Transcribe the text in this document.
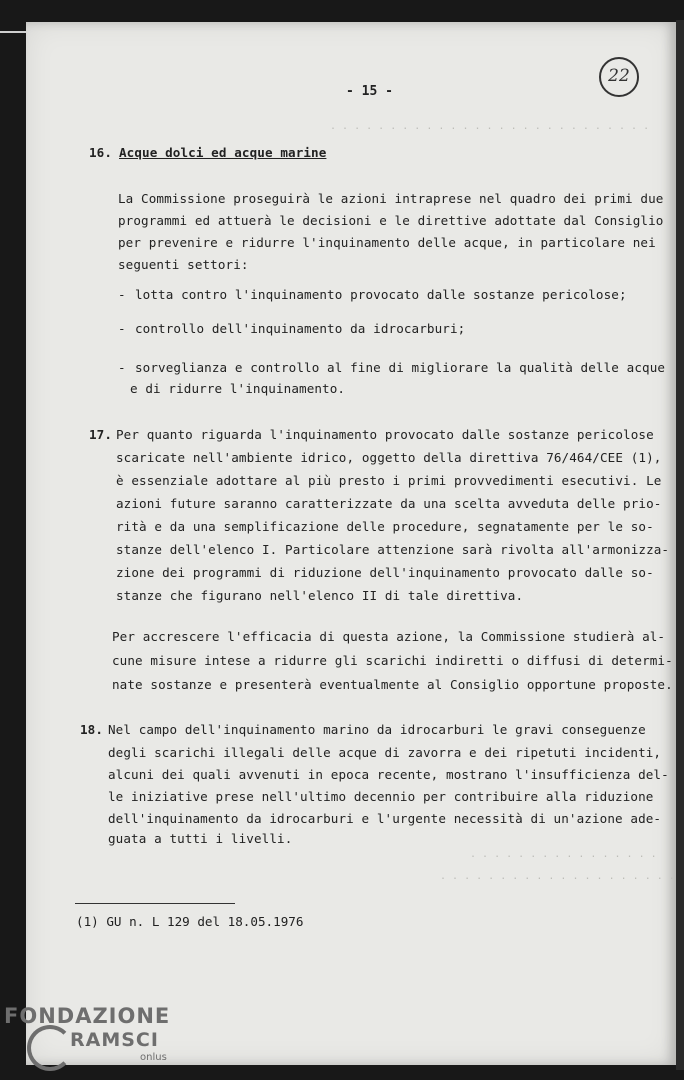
. . . . . . . . . . . . . . . . . . . . . . . . . . .
. . . . . . . . . . . . . . . .
. . . . . . . . . . . . . . . . . . . .
- 15 -
22
16. Acque dolci ed acque marine
La Commissione proseguirà le azioni intraprese nel quadro dei primi due
programmi ed attuerà le decisioni e le direttive adottate dal Consiglio
per prevenire e ridurre l'inquinamento delle acque, in particolare nei
seguenti settori:
- lotta contro l'inquinamento provocato dalle sostanze pericolose;
- controllo dell'inquinamento da idrocarburi;
- sorveglianza e controllo al fine di migliorare la qualità delle acque
e di ridurre l'inquinamento.
17. Per quanto riguarda l'inquinamento provocato dalle sostanze pericolose
scaricate nell'ambiente idrico, oggetto della direttiva 76/464/CEE (1),
è essenziale adottare al più presto i primi provvedimenti esecutivi. Le
azioni future saranno caratterizzate da una scelta avveduta delle prio-
rità e da una semplificazione delle procedure, segnatamente per le so-
stanze dell'elenco I. Particolare attenzione sarà rivolta all'armonizza-
zione dei programmi di riduzione dell'inquinamento provocato dalle so-
stanze che figurano nell'elenco II di tale direttiva.
Per accrescere l'efficacia di questa azione, la Commissione studierà al-
cune misure intese a ridurre gli scarichi indiretti o diffusi di determi-
nate sostanze e presenterà eventualmente al Consiglio opportune proposte.
18. Nel campo dell'inquinamento marino da idrocarburi le gravi conseguenze
degli scarichi illegali delle acque di zavorra e dei ripetuti incidenti,
alcuni dei quali avvenuti in epoca recente, mostrano l'insufficienza del-
le iniziative prese nell'ultimo decennio per contribuire alla riduzione
dell'inquinamento da idrocarburi e l'urgente necessità di un'azione ade-
guata a tutti i livelli.
(1) GU n. L 129 del 18.05.1976
FONDAZIONE
RAMSCI
onlus
